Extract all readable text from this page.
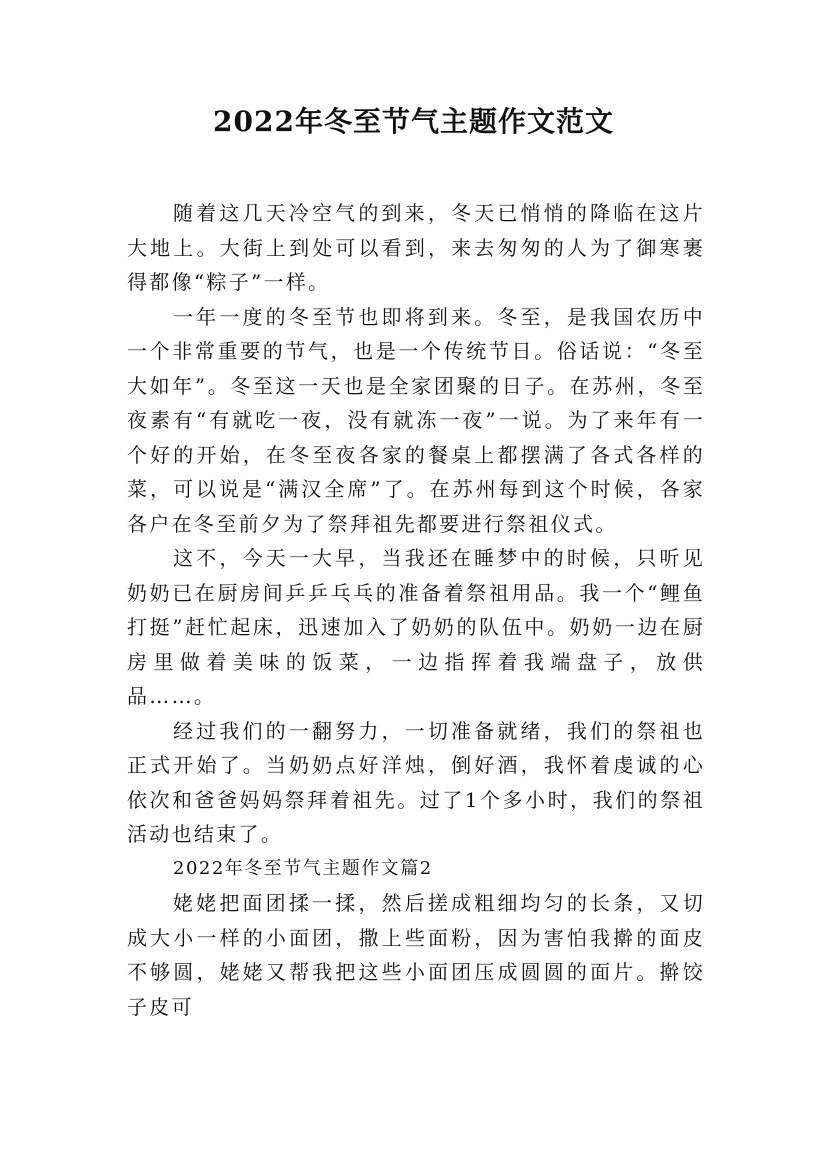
2022年冬至节气主题作文范文

随着这几天冷空气的到来，冬天已悄悄的降临在这片大地上。大街上到处可以看到，来去匆匆的人为了御寒裹得都像“粽子”一样。

一年一度的冬至节也即将到来。冬至，是我国农历中一个非常重要的节气，也是一个传统节日。俗话说：“冬至大如年”。冬至这一天也是全家团聚的日子。在苏州，冬至夜素有“有就吃一夜，没有就冻一夜”一说。为了来年有一个好的开始，在冬至夜各家的餐桌上都摆满了各式各样的菜，可以说是“满汉全席”了。在苏州每到这个时候，各家各户在冬至前夕为了祭拜祖先都要进行祭祖仪式。

这不，今天一大早，当我还在睡梦中的时候，只听见奶奶已在厨房间乒乒乓乓的准备着祭祖用品。我一个“鲤鱼打挺”赶忙起床，迅速加入了奶奶的队伍中。奶奶一边在厨房里做着美味的饭菜，一边指挥着我端盘子，放供品……。

经过我们的一翻努力，一切准备就绪，我们的祭祖也正式开始了。当奶奶点好洋烛，倒好酒，我怀着虔诚的心依次和爸爸妈妈祭拜着祖先。过了1个多小时，我们的祭祖活动也结束了。

2022年冬至节气主题作文篇2

姥姥把面团揉一揉，然后搓成粗细均匀的长条，又切成大小一样的小面团，撒上些面粉，因为害怕我擀的面皮不够圆，姥姥又帮我把这些小面团压成圆圆的面片。擀饺子皮可
